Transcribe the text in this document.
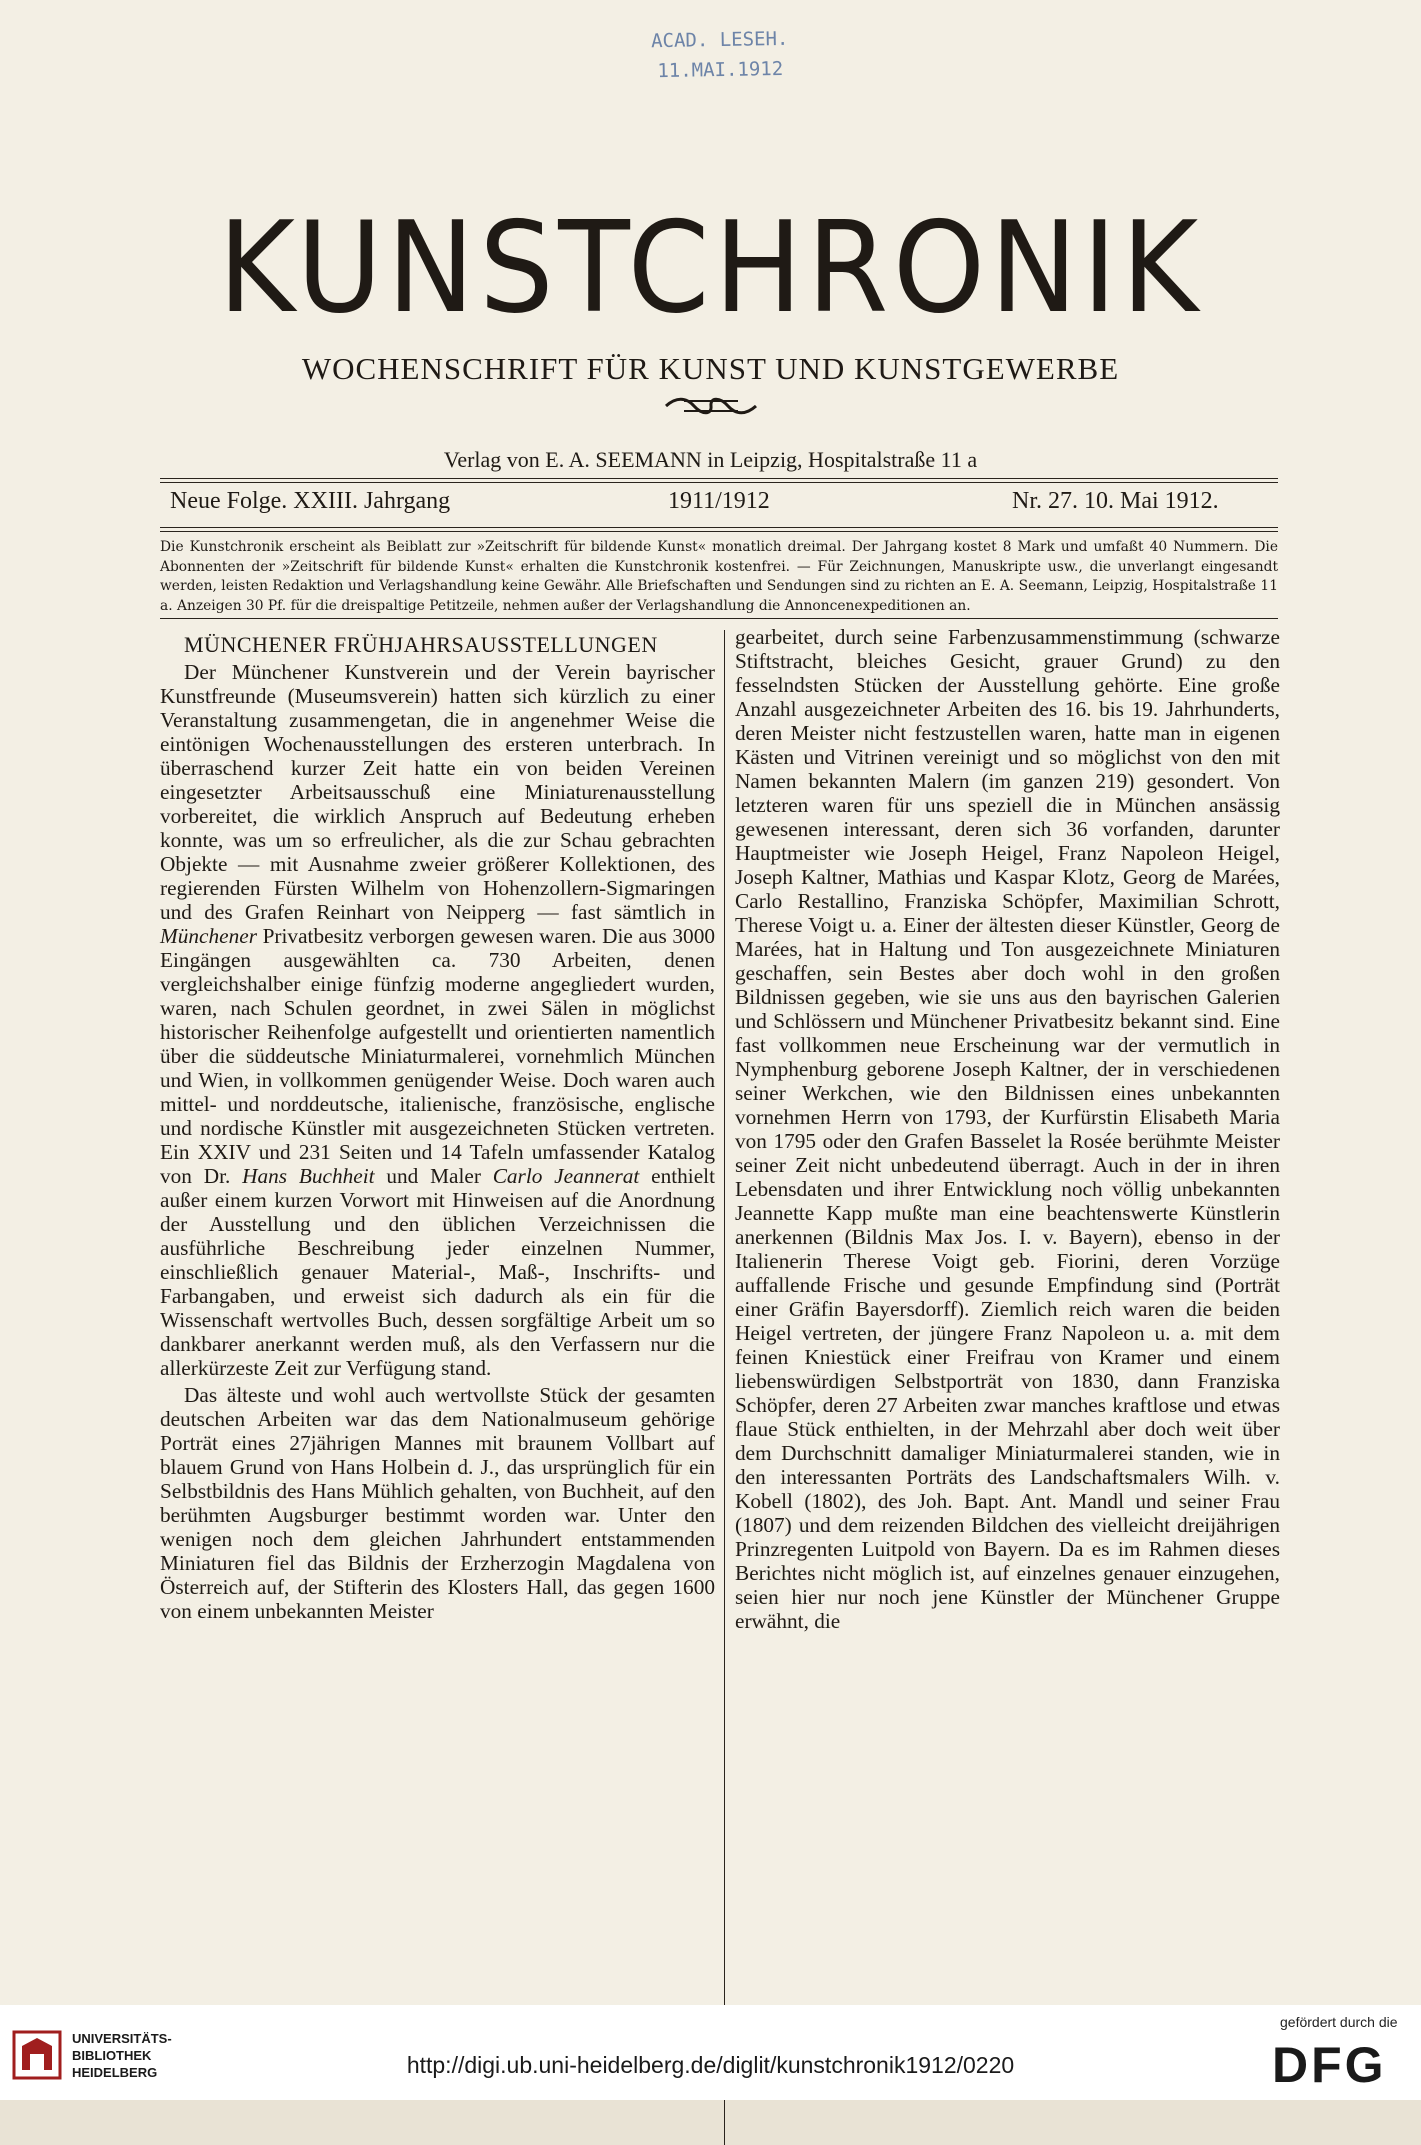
ACAD. LESEH.
11.MAI.1912
KUNSTCHRONIK
WOCHENSCHRIFT FÜR KUNST UND KUNSTGEWERBE
Verlag von E. A. SEEMANN in Leipzig, Hospitalstraße 11 a
Neue Folge. XXIII. Jahrgang	1911/1912	Nr. 27. 10. Mai 1912.

Die Kunstchronik erscheint als Beiblatt zur »Zeitschrift für bildende Kunst« monatlich dreimal. Der Jahrgang kostet 8 Mark und umfaßt 40 Nummern. Die Abonnenten der »Zeitschrift für bildende Kunst« erhalten die Kunstchronik kostenfrei. — Für Zeichnungen, Manuskripte usw., die unverlangt eingesandt werden, leisten Redaktion und Verlagshandlung keine Gewähr. Alle Briefschaften und Sendungen sind zu richten an E. A. Seemann, Leipzig, Hospitalstraße 11 a. Anzeigen 30 Pf. für die dreispaltige Petitzeile, nehmen außer der Verlagshandlung die Annoncenexpeditionen an.

MÜNCHENER FRÜHJAHRSAUSSTELLUNGEN

Der Münchener Kunstverein und der Verein bayrischer Kunstfreunde (Museumsverein) hatten sich kürzlich zu einer Veranstaltung zusammengetan, die in angenehmer Weise die eintönigen Wochenausstellungen des ersteren unterbrach. In überraschend kurzer Zeit hatte ein von beiden Vereinen eingesetzter Arbeitsausschuß eine Miniaturenausstellung vorbereitet, die wirklich Anspruch auf Bedeutung erheben konnte, was um so erfreulicher, als die zur Schau gebrachten Objekte — mit Ausnahme zweier größerer Kollektionen, des regierenden Fürsten Wilhelm von Hohenzollern-Sigmaringen und des Grafen Reinhart von Neipperg — fast sämtlich in Münchener Privatbesitz verborgen gewesen waren. Die aus 3000 Eingängen ausgewählten ca. 730 Arbeiten, denen vergleichshalber einige fünfzig moderne angegliedert wurden, waren, nach Schulen geordnet, in zwei Sälen in möglichst historischer Reihenfolge aufgestellt und orientierten namentlich über die süddeutsche Miniaturmalerei, vornehmlich München und Wien, in vollkommen genügender Weise. Doch waren auch mittel- und norddeutsche, italienische, französische, englische und nordische Künstler mit ausgezeichneten Stücken vertreten. Ein XXIV und 231 Seiten und 14 Tafeln umfassender Katalog von Dr. Hans Buchheit und Maler Carlo Jeannerat enthielt außer einem kurzen Vorwort mit Hinweisen auf die Anordnung der Ausstellung und den üblichen Verzeichnissen die ausführliche Beschreibung jeder einzelnen Nummer, einschließlich genauer Material-, Maß-, Inschrifts- und Farbangaben, und erweist sich dadurch als ein für die Wissenschaft wertvolles Buch, dessen sorgfältige Arbeit um so dankbarer anerkannt werden muß, als den Verfassern nur die allerkürzeste Zeit zur Verfügung stand.

Das älteste und wohl auch wertvollste Stück der gesamten deutschen Arbeiten war das dem Nationalmuseum gehörige Porträt eines 27jährigen Mannes mit braunem Vollbart auf blauem Grund von Hans Holbein d. J., das ursprünglich für ein Selbstbildnis des Hans Mühlich gehalten, von Buchheit, auf den berühmten Augsburger bestimmt worden war. Unter den wenigen noch dem gleichen Jahrhundert entstammenden Miniaturen fiel das Bildnis der Erzherzogin Magdalena von Österreich auf, der Stifterin des Klosters Hall, das gegen 1600 von einem unbekannten Meister

gearbeitet, durch seine Farbenzusammenstimmung (schwarze Stiftstracht, bleiches Gesicht, grauer Grund) zu den fesselndsten Stücken der Ausstellung gehörte. Eine große Anzahl ausgezeichneter Arbeiten des 16. bis 19. Jahrhunderts, deren Meister nicht festzustellen waren, hatte man in eigenen Kästen und Vitrinen vereinigt und so möglichst von den mit Namen bekannten Malern (im ganzen 219) gesondert. Von letzteren waren für uns speziell die in München ansässig gewesenen interessant, deren sich 36 vorfanden, darunter Hauptmeister wie Joseph Heigel, Franz Napoleon Heigel, Joseph Kaltner, Mathias und Kaspar Klotz, Georg de Marées, Carlo Restallino, Franziska Schöpfer, Maximilian Schrott, Therese Voigt u. a. Einer der ältesten dieser Künstler, Georg de Marées, hat in Haltung und Ton ausgezeichnete Miniaturen geschaffen, sein Bestes aber doch wohl in den großen Bildnissen gegeben, wie sie uns aus den bayrischen Galerien und Schlössern und Münchener Privatbesitz bekannt sind. Eine fast vollkommen neue Erscheinung war der vermutlich in Nymphenburg geborene Joseph Kaltner, der in verschiedenen seiner Werkchen, wie den Bildnissen eines unbekannten vornehmen Herrn von 1793, der Kurfürstin Elisabeth Maria von 1795 oder den Grafen Basselet la Rosée berühmte Meister seiner Zeit nicht unbedeutend überragt. Auch in der in ihren Lebensdaten und ihrer Entwicklung noch völlig unbekannten Jeannette Kapp mußte man eine beachtenswerte Künstlerin anerkennen (Bildnis Max Jos. I. v. Bayern), ebenso in der Italienerin Therese Voigt geb. Fiorini, deren Vorzüge auffallende Frische und gesunde Empfindung sind (Porträt einer Gräfin Bayersdorff). Ziemlich reich waren die beiden Heigel vertreten, der jüngere Franz Napoleon u. a. mit dem feinen Kniestück einer Freifrau von Kramer und einem liebenswürdigen Selbstporträt von 1830, dann Franziska Schöpfer, deren 27 Arbeiten zwar manches kraftlose und etwas flaue Stück enthielten, in der Mehrzahl aber doch weit über dem Durchschnitt damaliger Miniaturmalerei standen, wie in den interessanten Porträts des Landschaftsmalers Wilh. v. Kobell (1802), des Joh. Bapt. Ant. Mandl und seiner Frau (1807) und dem reizenden Bildchen des vielleicht dreijährigen Prinzregenten Luitpold von Bayern. Da es im Rahmen dieses Berichtes nicht möglich ist, auf einzelnes genauer einzugehen, seien hier nur noch jene Künstler der Münchener Gruppe erwähnt, die

UNIVERSITÄTS-
BIBLIOTHEK
HEIDELBERG	http://digi.ub.uni-heidelberg.de/diglit/kunstchronik1912/0220
gefördert durch die
DFG
